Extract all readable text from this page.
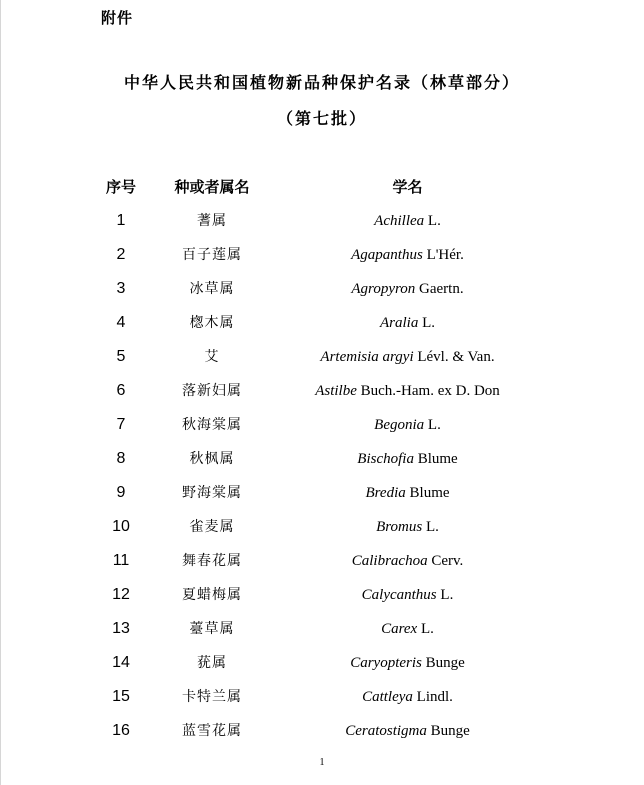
附件
中华人民共和国植物新品种保护名录（林草部分）
（第七批）
序号	种或者属名	学名
1	蓍属	Achillea L.
2	百子莲属	Agapanthus L'Hér.
3	冰草属	Agropyron Gaertn.
4	楤木属	Aralia L.
5	艾	Artemisia argyi Lévl. & Van.
6	落新妇属	Astilbe Buch.-Ham. ex D. Don
7	秋海棠属	Begonia L.
8	秋枫属	Bischofia Blume
9	野海棠属	Bredia Blume
10	雀麦属	Bromus L.
11	舞春花属	Calibrachoa Cerv.
12	夏蜡梅属	Calycanthus L.
13	薹草属	Carex L.
14	莸属	Caryopteris Bunge
15	卡特兰属	Cattleya Lindl.
16	蓝雪花属	Ceratostigma Bunge
1
